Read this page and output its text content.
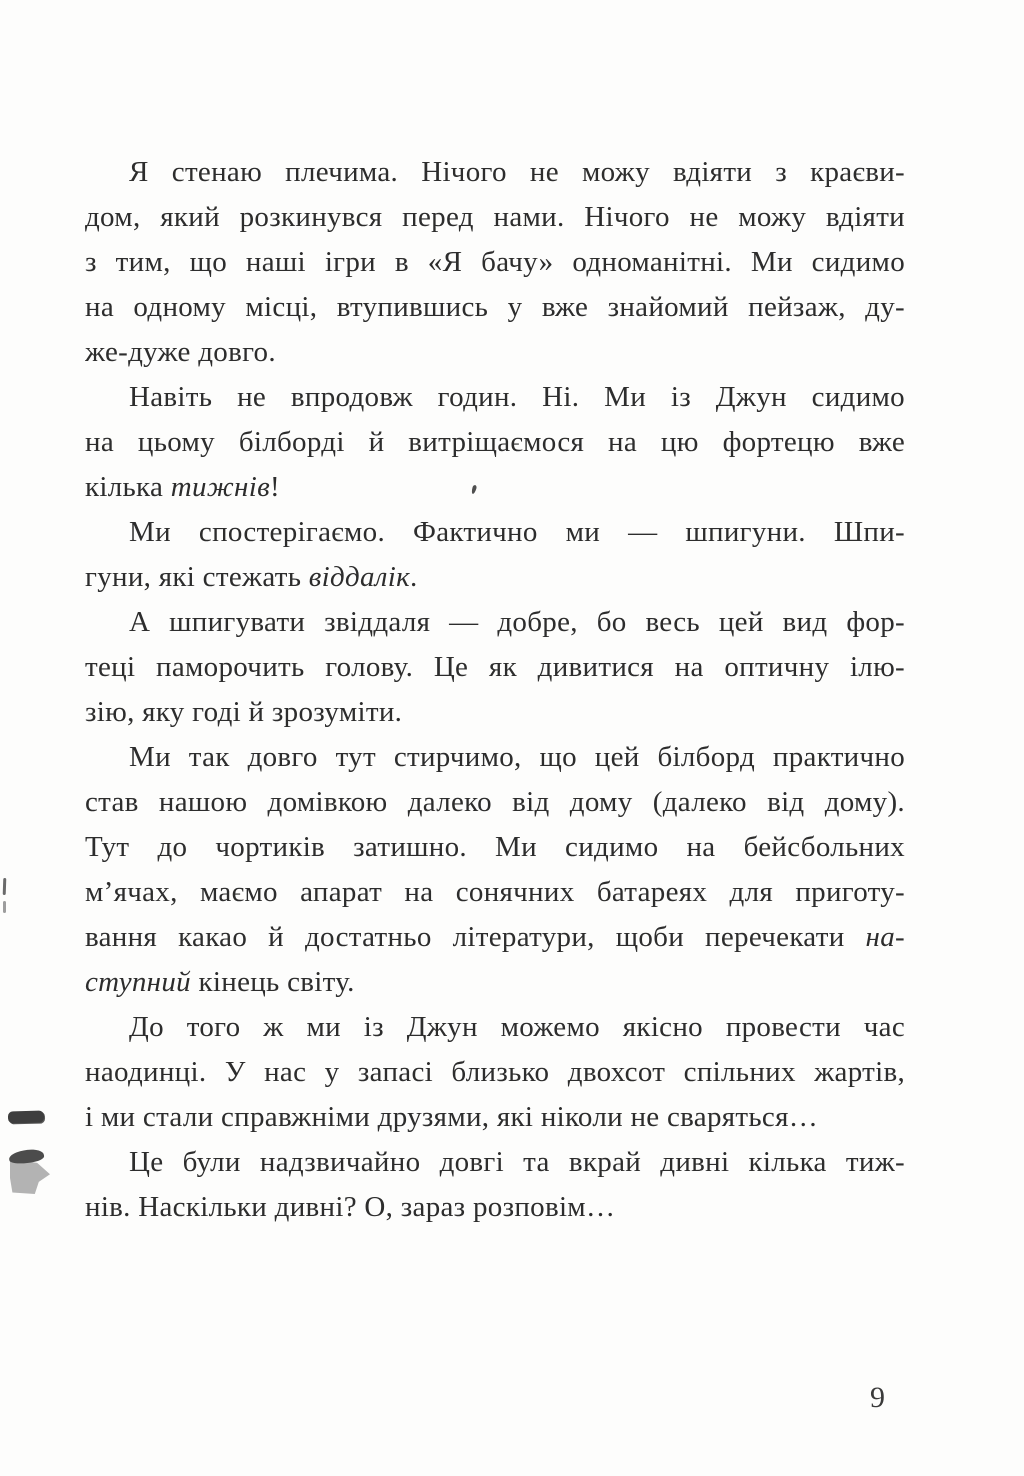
Я стенаю плечима. Нічого не можу вдіяти з краєви-
дом, який розкинувся перед нами. Нічого не можу вдіяти
з тим, що наші ігри в «Я бачу» одноманітні. Ми сидимо
на одному місці, втупившись у вже знайомий пейзаж, ду-
же-дуже довго.
Навіть не впродовж годин. Ні. Ми із Джун сидимо
на цьому білборді й витріщаємося на цю фортецю вже
кілька тижнів!
Ми спостерігаємо. Фактично ми — шпигуни. Шпи-
гуни, які стежать віддалік.
А шпигувати звіддаля — добре, бо весь цей вид фор-
теці паморочить голову. Це як дивитися на оптичну ілю-
зію, яку годі й зрозуміти.
Ми так довго тут стирчимо, що цей білборд практично
став нашою домівкою далеко від дому (далеко від дому).
Тут до чортиків затишно. Ми сидимо на бейсбольних
м’ячах, маємо апарат на сонячних батареях для приготу-
вання какао й достатньо літератури, щоби перечекати на-
ступний кінець світу.
До того ж ми із Джун можемо якісно провести час
наодинці. У нас у запасі близько двохсот спільних жартів,
і ми стали справжніми друзями, які ніколи не сваряться…
Це були надзвичайно довгі та вкрай дивні кілька тиж-
нів. Наскільки дивні? О, зараз розповім…
9
